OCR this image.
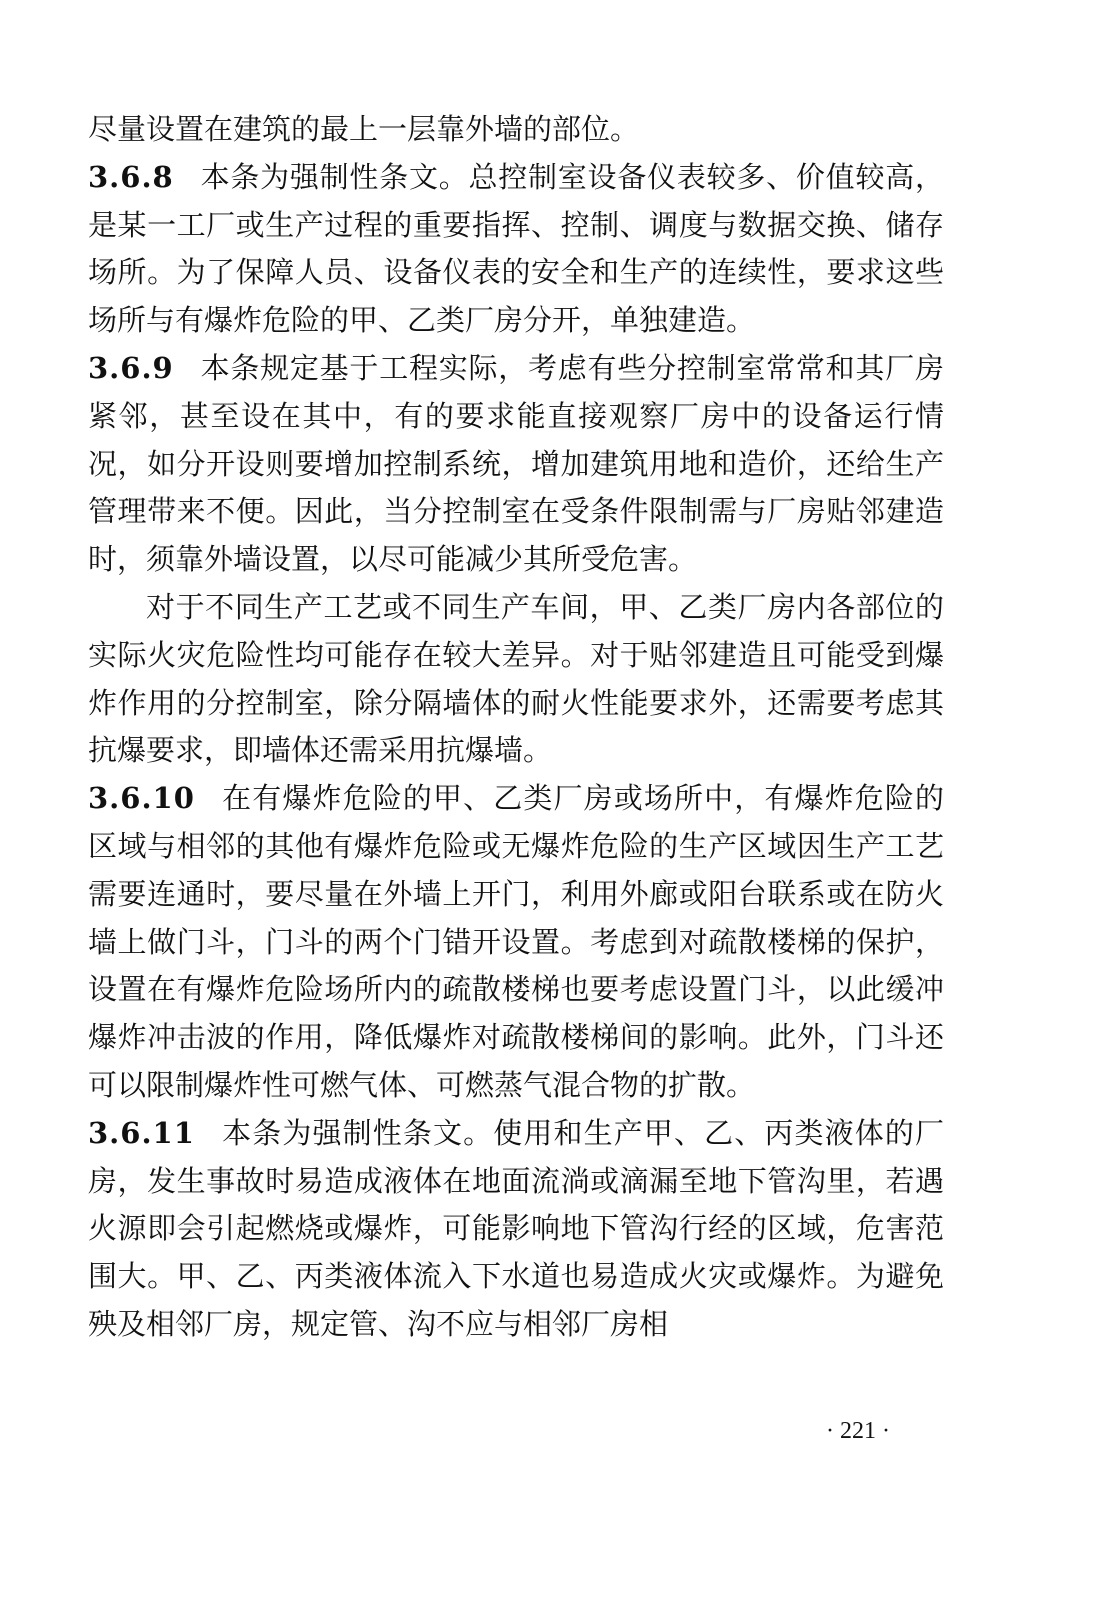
尽量设置在建筑的最上一层靠外墙的部位。

3.6.8 本条为强制性条文。总控制室设备仪表较多、价值较高，是某一工厂或生产过程的重要指挥、控制、调度与数据交换、储存场所。为了保障人员、设备仪表的安全和生产的连续性，要求这些场所与有爆炸危险的甲、乙类厂房分开，单独建造。

3.6.9 本条规定基于工程实际，考虑有些分控制室常常和其厂房紧邻，甚至设在其中，有的要求能直接观察厂房中的设备运行情况，如分开设则要增加控制系统，增加建筑用地和造价，还给生产管理带来不便。因此，当分控制室在受条件限制需与厂房贴邻建造时，须靠外墙设置，以尽可能减少其所受危害。

对于不同生产工艺或不同生产车间，甲、乙类厂房内各部位的实际火灾危险性均可能存在较大差异。对于贴邻建造且可能受到爆炸作用的分控制室，除分隔墙体的耐火性能要求外，还需要考虑其抗爆要求，即墙体还需采用抗爆墙。

3.6.10 在有爆炸危险的甲、乙类厂房或场所中，有爆炸危险的区域与相邻的其他有爆炸危险或无爆炸危险的生产区域因生产工艺需要连通时，要尽量在外墙上开门，利用外廊或阳台联系或在防火墙上做门斗，门斗的两个门错开设置。考虑到对疏散楼梯的保护，设置在有爆炸危险场所内的疏散楼梯也要考虑设置门斗，以此缓冲爆炸冲击波的作用，降低爆炸对疏散楼梯间的影响。此外，门斗还可以限制爆炸性可燃气体、可燃蒸气混合物的扩散。

3.6.11 本条为强制性条文。使用和生产甲、乙、丙类液体的厂房，发生事故时易造成液体在地面流淌或滴漏至地下管沟里，若遇火源即会引起燃烧或爆炸，可能影响地下管沟行经的区域，危害范围大。甲、乙、丙类液体流入下水道也易造成火灾或爆炸。为避免殃及相邻厂房，规定管、沟不应与相邻厂房相

· 221 ·
